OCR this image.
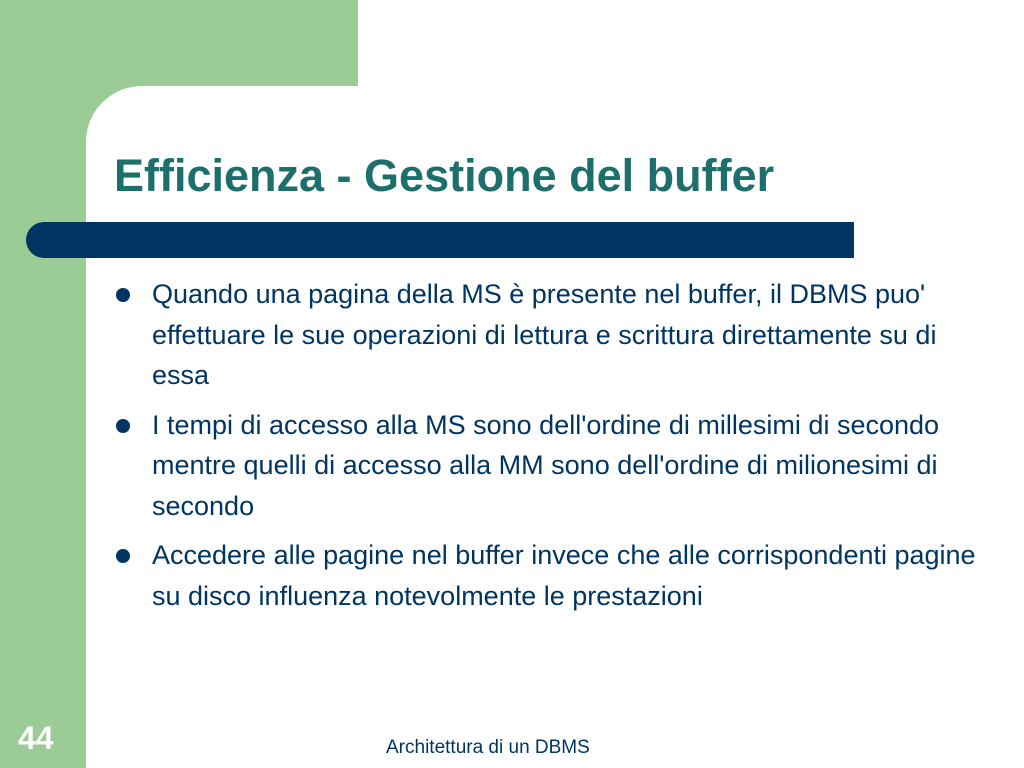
Efficienza - Gestione del buffer
Quando una pagina della MS è presente nel buffer, il DBMS puo' effettuare le sue operazioni di lettura e scrittura direttamente su di essa
I tempi di accesso alla MS sono dell'ordine di millesimi di secondo mentre quelli di accesso alla MM sono dell'ordine di milionesimi di secondo
Accedere alle pagine nel buffer invece che alle corrispondenti pagine su disco influenza notevolmente le prestazioni
44	Architettura di un DBMS
